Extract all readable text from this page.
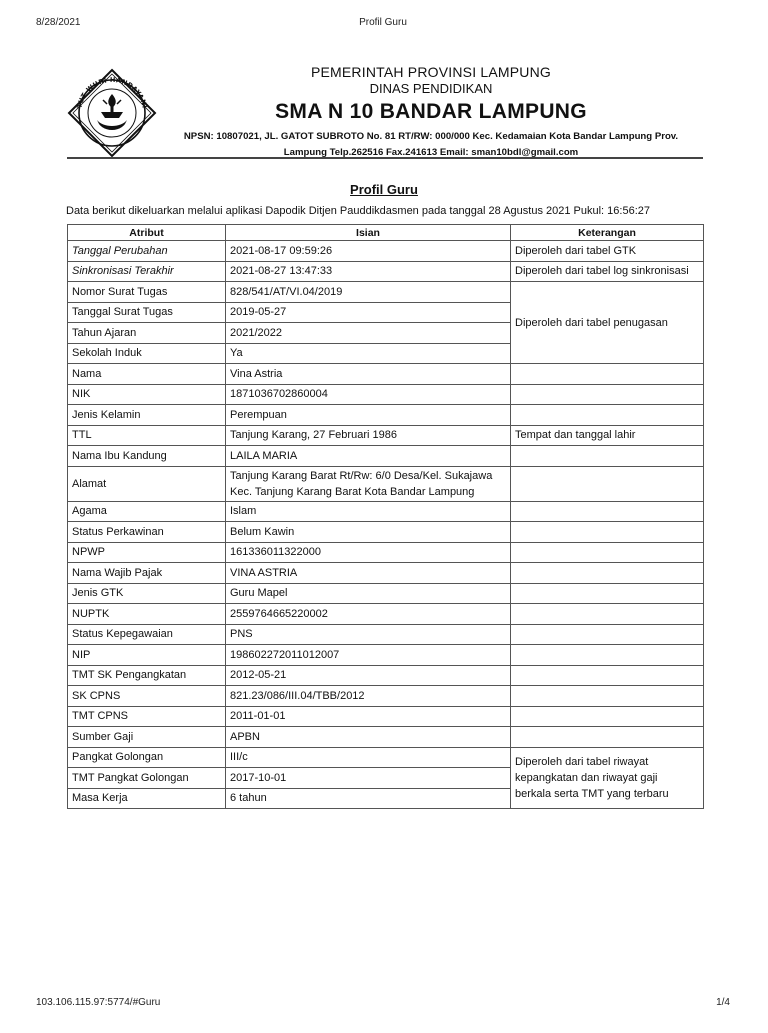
8/28/2021	Profil Guru
TUT WURI HANDAYANI
PEMERINTAH PROVINSI LAMPUNG
DINAS PENDIDIKAN
SMA N 10 BANDAR LAMPUNG
NPSN: 10807021, JL. GATOT SUBROTO No. 81 RT/RW: 000/000 Kec. Kedamaian Kota Bandar Lampung Prov.
Lampung Telp.262516 Fax.241613 Email: sman10bdl@gmail.com
Profil Guru
Data berikut dikeluarkan melalui aplikasi Dapodik Ditjen Pauddikdasmen pada tanggal 28 Agustus 2021 Pukul: 16:56:27
Atribut	Isian	Keterangan
Tanggal Perubahan	2021-08-17 09:59:26	Diperoleh dari tabel GTK
Sinkronisasi Terakhir	2021-08-27 13:47:33	Diperoleh dari tabel log sinkronisasi
Nomor Surat Tugas	828/541/AT/VI.04/2019	Diperoleh dari tabel penugasan
Tanggal Surat Tugas	2019-05-27	
Tahun Ajaran	2021/2022	
Sekolah Induk	Ya	
Nama	Vina Astria	
NIK	1871036702860004	
Jenis Kelamin	Perempuan	
TTL	Tanjung Karang, 27 Februari 1986	Tempat dan tanggal lahir
Nama Ibu Kandung	LAILA MARIA	
Alamat	Tanjung Karang Barat Rt/Rw: 6/0 Desa/Kel. Sukajawa
Kec. Tanjung Karang Barat Kota Bandar Lampung	

Agama	Islam	
Status Perkawinan	Belum Kawin	
NPWP	161336011322000	
Nama Wajib Pajak	VINA ASTRIA	
Jenis GTK	Guru Mapel	
NUPTK	2559764665220002	
Status Kepegawaian	PNS	
NIP	198602272011012007	
TMT SK Pengangkatan	2012-05-21	
SK CPNS	821.23/086/III.04/TBB/2012	
TMT CPNS	2011-01-01	
Sumber Gaji	APBN	
Pangkat Golongan	III/c	Diperoleh dari tabel riwayat
kepangkatan dan riwayat gaji
berkala serta TMT yang terbaru

TMT Pangkat Golongan	2017-10-01	
Masa Kerja	6 tahun	
103.106.115.97:5774/#Guru	1/4
